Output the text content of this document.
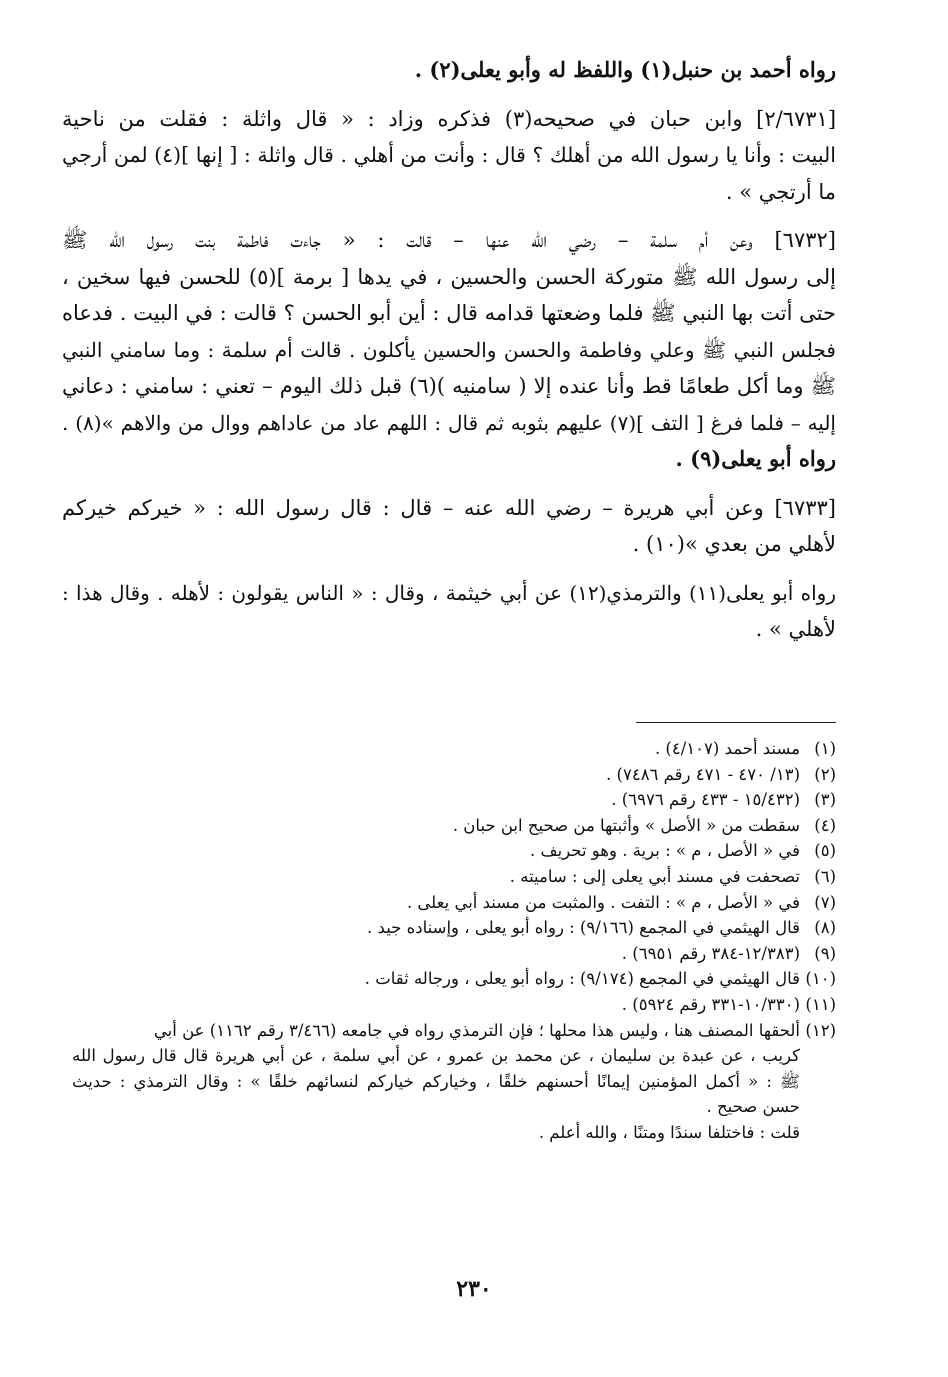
رواه أحمد بن حنبل(١) واللفظ له وأبو يعلى(٢) .
[٢/٦٧٣١] وابن حبان في صحيحه(٣) فذكره وزاد : « قال واثلة : فقلت من ناحية
البيت : وأنا يا رسول الله من أهلك ؟ قال : وأنت من أهلي . قال واثلة : [ إنها ](٤) لمن أرجي
ما أرتجي » .
[٦٧٣٢] وعن أم سلمة – رضي الله عنها – قالت : « جاءت فاطمة بنت رسول الله ﷺ
إلى رسول الله ﷺ متوركة الحسن والحسين ، في يدها [ برمة ](٥) للحسن فيها سخين ،
حتى أتت بها النبي ﷺ فلما وضعتها قدامه قال : أين أبو الحسن ؟ قالت : في البيت . فدعاه
فجلس النبي ﷺ وعلي وفاطمة والحسن والحسين يأكلون . قالت أم سلمة : وما سامني النبي
ﷺ وما أكل طعامًا قط وأنا عنده إلا ( سامنيه )(٦) قبل ذلك اليوم – تعني : سامني : دعاني
إليه – فلما فرغ [ التف ](٧) عليهم بثوبه ثم قال : اللهم عاد من عاداهم ووال من والاهم »(٨) .
رواه أبو يعلى(٩) .
[٦٧٣٣] وعن أبي هريرة – رضي الله عنه – قال : قال رسول الله : « خيركم خيركم
لأهلي من بعدي »(١٠) .
رواه أبو يعلى(١١) والترمذي(١٢) عن أبي خيثمة ، وقال : « الناس يقولون : لأهله . وقال هذا :
لأهلي » .
(١)مسند أحمد (٤/١٠٧) .
(٢)(١٣/ ٤٧٠ - ٤٧١ رقم ٧٤٨٦) .
(٣)(١٥/٤٣٢ - ٤٣٣ رقم ٦٩٧٦) .
(٤)سقطت من « الأصل » وأثبتها من صحيح ابن حبان .
(٥)في « الأصل ، م » : برية . وهو تحريف .
(٦)تصحفت في مسند أبي يعلى إلى : ساميته .
(٧)في « الأصل ، م » : التفت . والمثبت من مسند أبي يعلى .
(٨)قال الهيثمي في المجمع (٩/١٦٦) : رواه أبو يعلى ، وإسناده جيد .
(٩)(١٢/٣٨٣-٣٨٤ رقم ٦٩٥١) .
(١٠)قال الهيثمي في المجمع (٩/١٧٤) : رواه أبو يعلى ، ورجاله ثقات .
(١١)(١٠/٣٣٠-٣٣١ رقم ٥٩٢٤) .
(١٢)ألحقها المصنف هنا ، وليس هذا محلها ؛ فإن الترمذي رواه في جامعه (٣/٤٦٦ رقم ١١٦٢) عن أبي
كريب ، عن عبدة بن سليمان ، عن محمد بن عمرو ، عن أبي سلمة ، عن أبي هريرة قال قال رسول الله
ﷺ : « أكمل المؤمنين إيمانًا أحسنهم خلقًا ، وخياركم خياركم لنسائهم خلقًا » : وقال الترمذي : حديث
حسن صحيح .
قلت : فاختلفا سندًا ومتنًا ، والله أعلم .
٢٣٠
